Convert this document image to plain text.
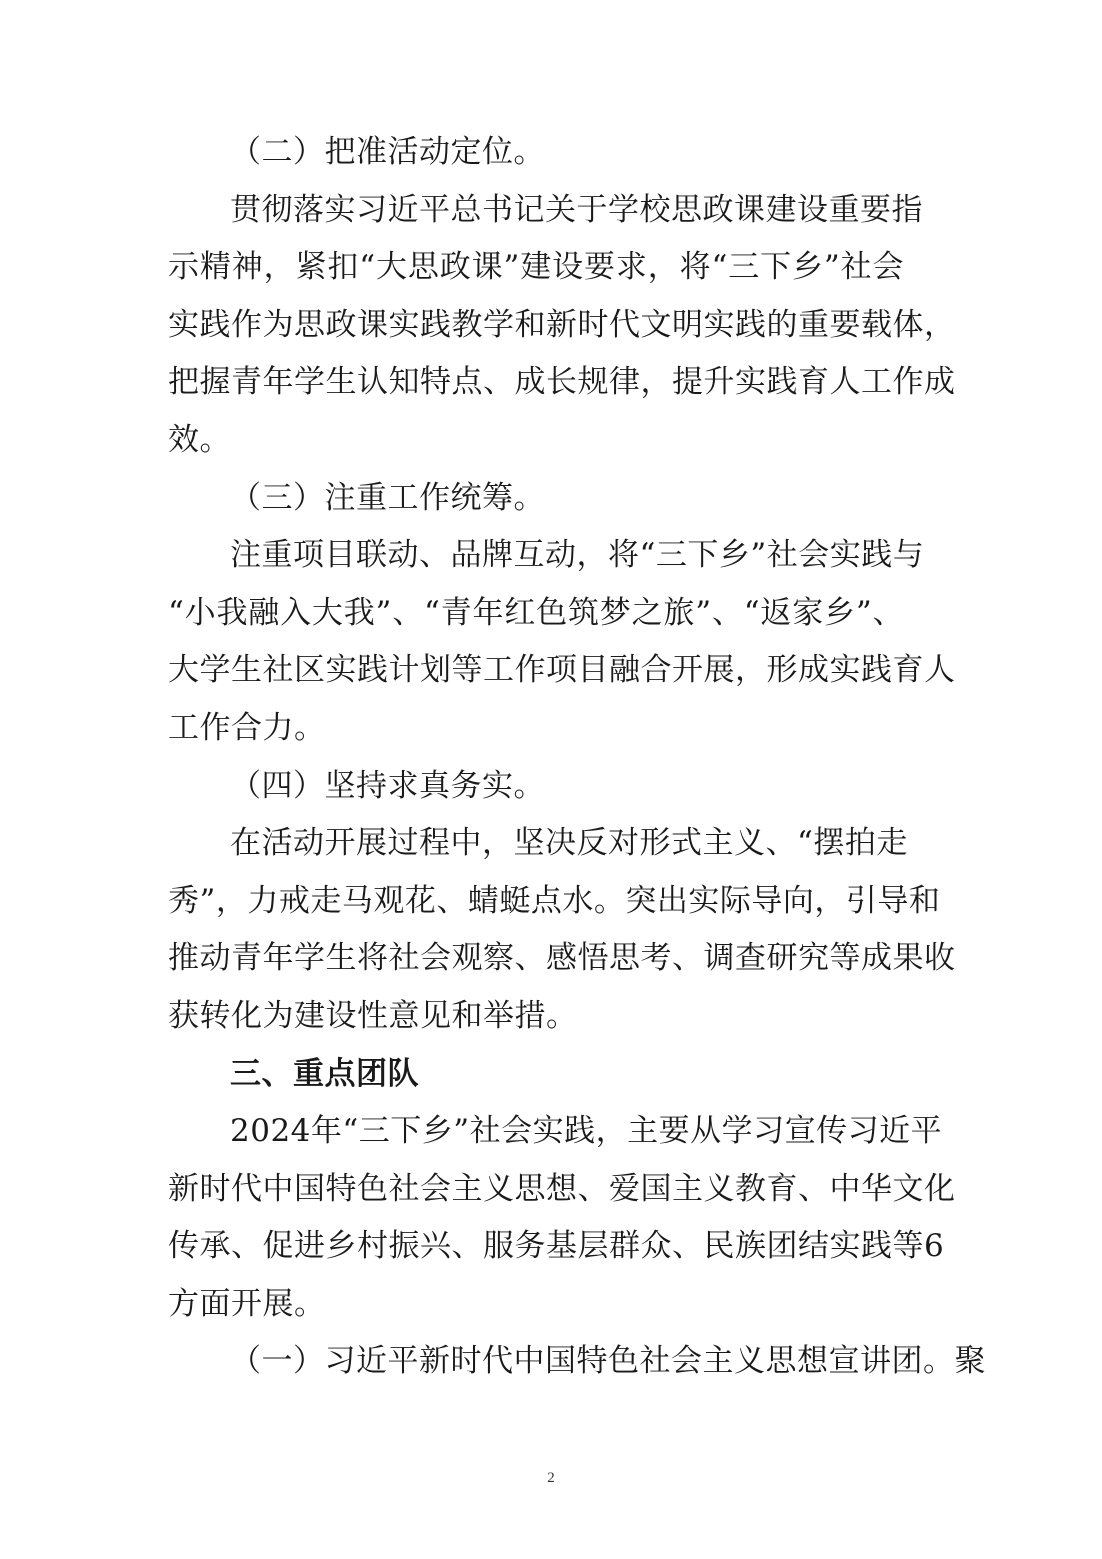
（二）把准活动定位。
贯彻落实习近平总书记关于学校思政课建设重要指
示精神，紧扣“大思政课”建设要求，将“三下乡”社会
实践作为思政课实践教学和新时代文明实践的重要载体，
把握青年学生认知特点、成长规律，提升实践育人工作成
效。
（三）注重工作统筹。
注重项目联动、品牌互动，将“三下乡”社会实践与
“小我融入大我”、“青年红色筑梦之旅”、“返家乡”、
大学生社区实践计划等工作项目融合开展，形成实践育人
工作合力。
（四）坚持求真务实。
在活动开展过程中，坚决反对形式主义、“摆拍走
秀”，力戒走马观花、蜻蜓点水。突出实际导向，引导和
推动青年学生将社会观察、感悟思考、调查研究等成果收
获转化为建设性意见和举措。
三、重点团队
2024年“三下乡”社会实践，主要从学习宣传习近平
新时代中国特色社会主义思想、爱国主义教育、中华文化
传承、促进乡村振兴、服务基层群众、民族团结实践等6
方面开展。
（一）习近平新时代中国特色社会主义思想宣讲团。聚
2
